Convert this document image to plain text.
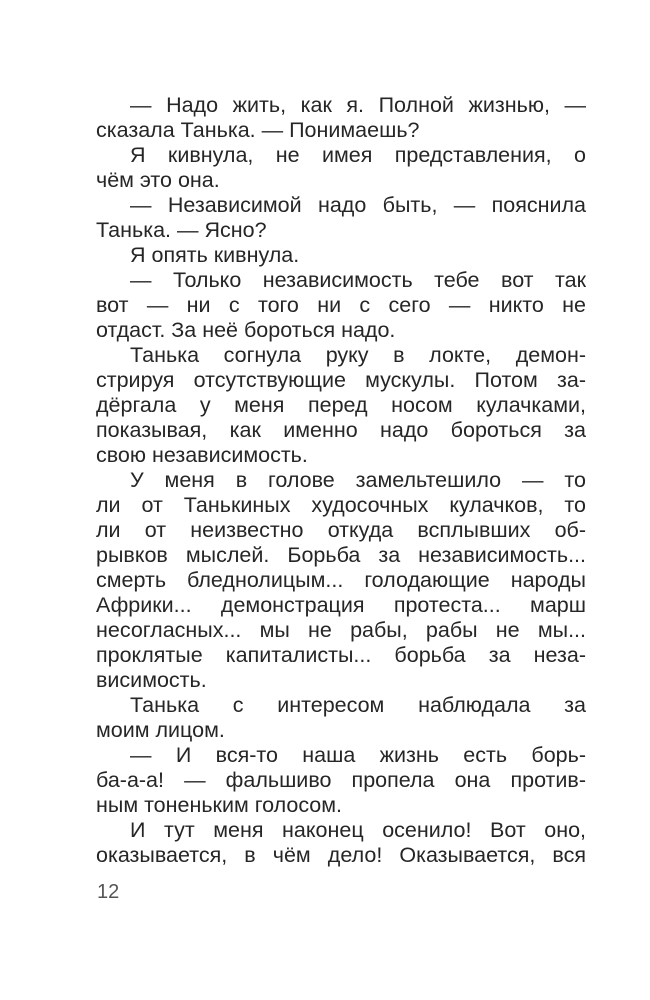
— Надо жить, как я. Полной жизнью, —
сказала Танька. — Понимаешь?
Я кивнула, не имея представления, о
чём это она.
— Независимой надо быть, — пояснила
Танька. — Ясно?
Я опять кивнула.
— Только независимость тебе вот так
вот — ни с того ни с сего — никто не
отдаст. За неё бороться надо.
Танька согнула руку в локте, демон-
стрируя отсутствующие мускулы. Потом за-
дёргала у меня перед носом кулачками,
показывая, как именно надо бороться за
свою независимость.
У меня в голове замельтешило — то
ли от Танькиных худосочных кулачков, то
ли от неизвестно откуда всплывших об-
рывков мыслей. Борьба за независимость...
смерть бледнолицым... голодающие народы
Африки... демонстрация протеста... марш
несогласных... мы не рабы, рабы не мы...
проклятые капиталисты... борьба за неза-
висимость.
Танька с интересом наблюдала за
моим лицом.
— И вся-то наша жизнь есть борь-
ба-а-а! — фальшиво пропела она против-
ным тоненьким голосом.
И тут меня наконец осенило! Вот оно,
оказывается, в чём дело! Оказывается, вся
12
